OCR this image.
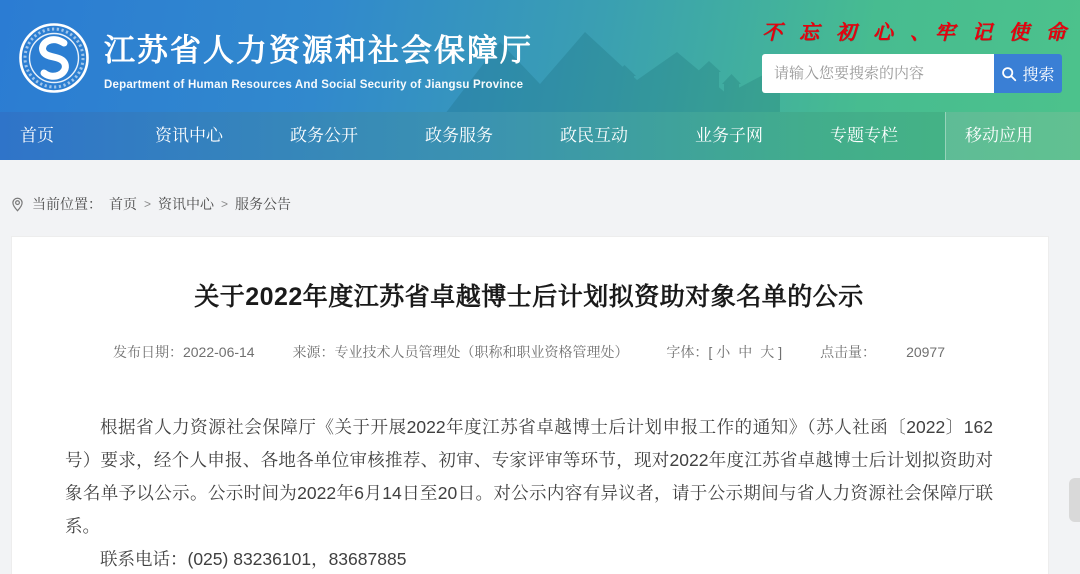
江苏省人力资源和社会保障厅
Department of Human Resources And Social Security of Jiangsu Province
不 忘 初 心 、牢 记 使 命
请输入您要搜索的内容
搜索
首页	资讯中心	政务公开	政务服务	政民互动	业务子网	专题专栏	移动应用
当前位置： 首页 > 资讯中心 > 服务公告
关于2022年度江苏省卓越博士后计划拟资助对象名单的公示
发布日期：2022-06-14	来源：专业技术人员管理处（职称和职业资格管理处）	字体：[ 小 中 大 ]	点击量： 20977

根据省人力资源社会保障厅《关于开展2022年度江苏省卓越博士后计划申报工作的通知》（苏人社函〔2022〕162号）要求，经个人申报、各地各单位审核推荐、初审、专家评审等环节，现对2022年度江苏省卓越博士后计划拟资助对象名单予以公示。公示时间为2022年6月14日至20日。对公示内容有异议者，请于公示期间与省人力资源社会保障厅联系。

联系电话：(025) 83236101，83687885
